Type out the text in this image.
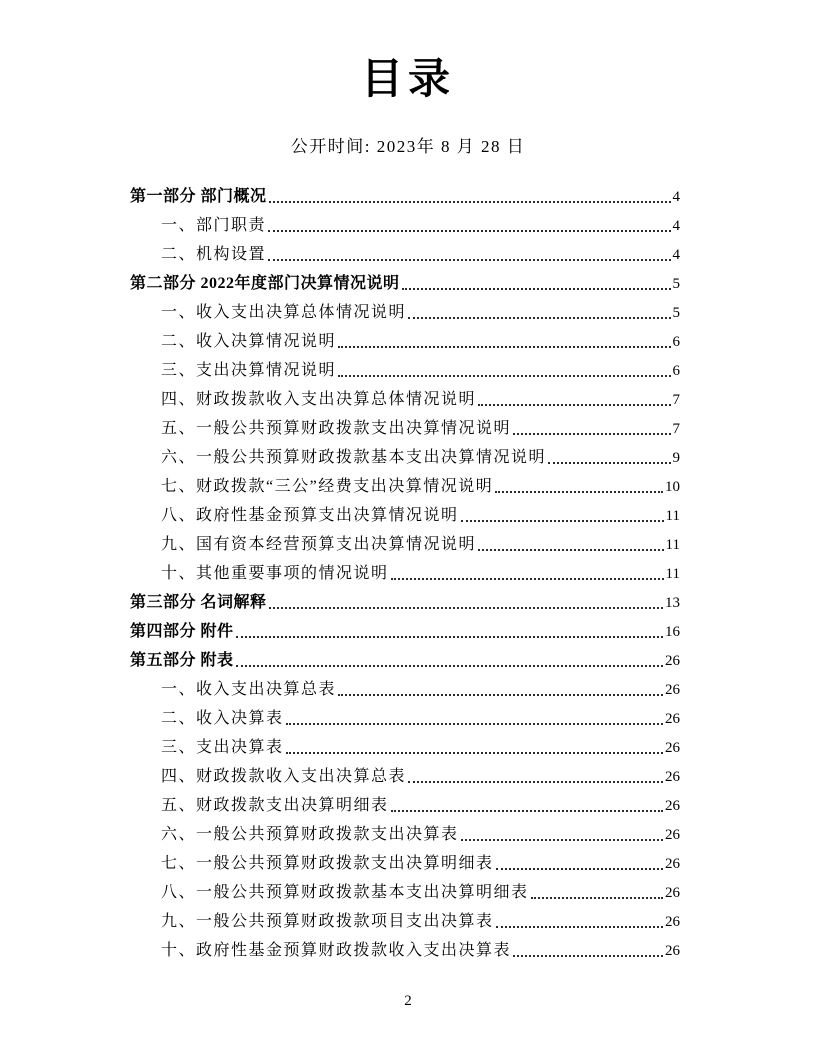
目录
公开时间: 2023年 8 月 28 日
第一部分 部门概况	4
一、部门职责	4
二、机构设置	4
第二部分 2022年度部门决算情况说明	5
一、收入支出决算总体情况说明	5
二、收入决算情况说明	6
三、支出决算情况说明	6
四、财政拨款收入支出决算总体情况说明	7
五、一般公共预算财政拨款支出决算情况说明	7
六、一般公共预算财政拨款基本支出决算情况说明	9
七、财政拨款“三公”经费支出决算情况说明	10
八、政府性基金预算支出决算情况说明	11
九、国有资本经营预算支出决算情况说明	11
十、其他重要事项的情况说明	11
第三部分 名词解释	13
第四部分 附件	16
第五部分 附表	26
一、收入支出决算总表	26
二、收入决算表	26
三、支出决算表	26
四、财政拨款收入支出决算总表	26
五、财政拨款支出决算明细表	26
六、一般公共预算财政拨款支出决算表	26
七、一般公共预算财政拨款支出决算明细表	26
八、一般公共预算财政拨款基本支出决算明细表	26
九、一般公共预算财政拨款项目支出决算表	26
十、政府性基金预算财政拨款收入支出决算表	26
2
